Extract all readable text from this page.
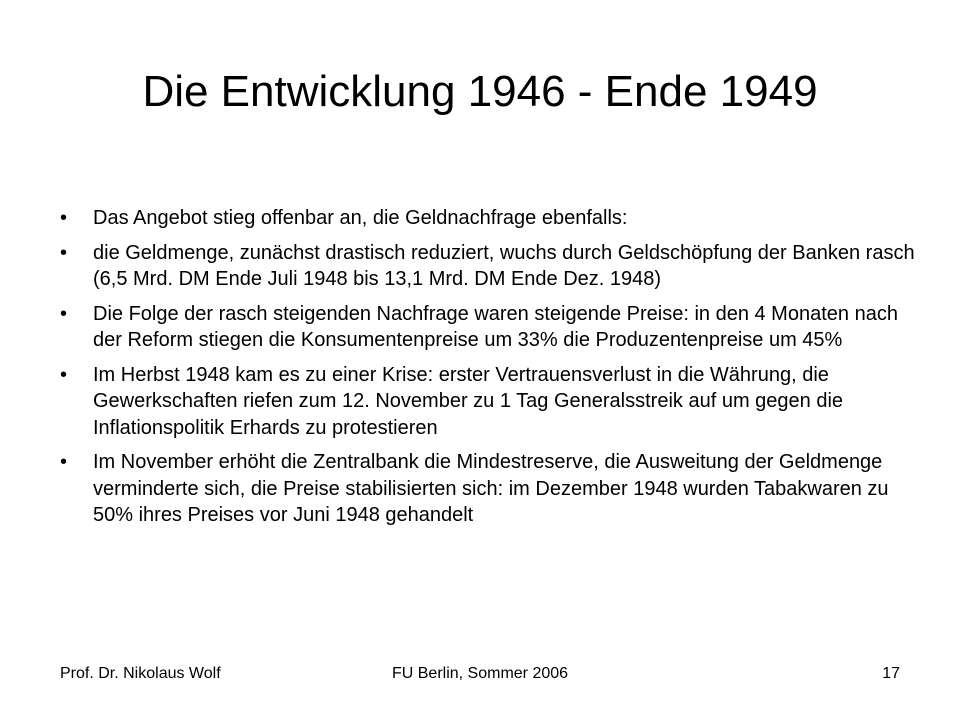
Die Entwicklung 1946 - Ende 1949
•	Das Angebot stieg offenbar an, die Geldnachfrage ebenfalls:
•	die Geldmenge, zunächst drastisch reduziert, wuchs durch Geldschöpfung der Banken rasch (6,5 Mrd. DM Ende Juli 1948 bis 13,1 Mrd. DM Ende Dez. 1948)
•	Die Folge der rasch steigenden Nachfrage waren steigende Preise: in den 4 Monaten nach der Reform stiegen die Konsumentenpreise um 33% die Produzentenpreise um 45%
•	Im Herbst 1948 kam es zu einer Krise: erster Vertrauensverlust in die Währung, die Gewerkschaften riefen zum 12. November zu 1 Tag Generalsstreik auf um gegen die Inflationspolitik Erhards zu protestieren
•	Im November erhöht die Zentralbank die Mindestreserve, die Ausweitung der Geldmenge verminderte sich, die Preise stabilisierten sich: im Dezember 1948 wurden Tabakwaren zu 50% ihres Preises vor Juni 1948 gehandelt
Prof. Dr. Nikolaus Wolf	FU Berlin, Sommer 2006	17
